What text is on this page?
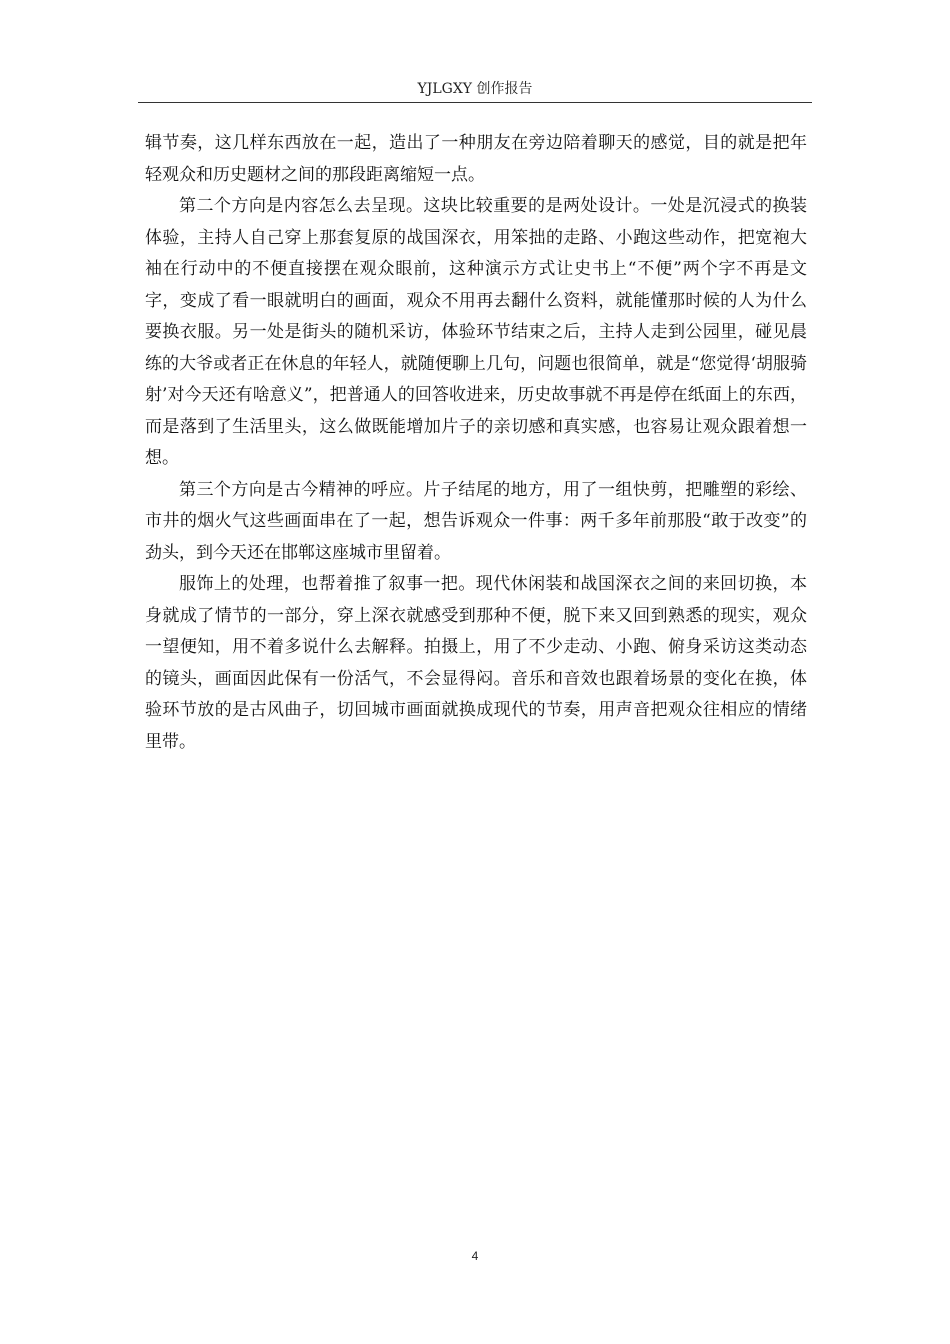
YJLGXY 创作报告

辑节奏，这几样东西放在一起，造出了一种朋友在旁边陪着聊天的感觉，目的就是把年轻观众和历史题材之间的那段距离缩短一点。

第二个方向是内容怎么去呈现。这块比较重要的是两处设计。一处是沉浸式的换装体验，主持人自己穿上那套复原的战国深衣，用笨拙的走路、小跑这些动作，把宽袍大袖在行动中的不便直接摆在观众眼前，这种演示方式让史书上“不便”两个字不再是文字，变成了看一眼就明白的画面，观众不用再去翻什么资料，就能懂那时候的人为什么要换衣服。另一处是街头的随机采访，体验环节结束之后，主持人走到公园里，碰见晨练的大爷或者正在休息的年轻人，就随便聊上几句，问题也很简单，就是“您觉得‘胡服骑射’对今天还有啥意义”，把普通人的回答收进来，历史故事就不再是停在纸面上的东西，而是落到了生活里头，这么做既能增加片子的亲切感和真实感，也容易让观众跟着想一想。

第三个方向是古今精神的呼应。片子结尾的地方，用了一组快剪，把雕塑的彩绘、市井的烟火气这些画面串在了一起，想告诉观众一件事：两千多年前那股“敢于改变”的劲头，到今天还在邯郸这座城市里留着。

服饰上的处理，也帮着推了叙事一把。现代休闲装和战国深衣之间的来回切换，本身就成了情节的一部分，穿上深衣就感受到那种不便，脱下来又回到熟悉的现实，观众一望便知，用不着多说什么去解释。拍摄上，用了不少走动、小跑、俯身采访这类动态的镜头，画面因此保有一份活气，不会显得闷。音乐和音效也跟着场景的变化在换，体验环节放的是古风曲子，切回城市画面就换成现代的节奏，用声音把观众往相应的情绪里带。

4
